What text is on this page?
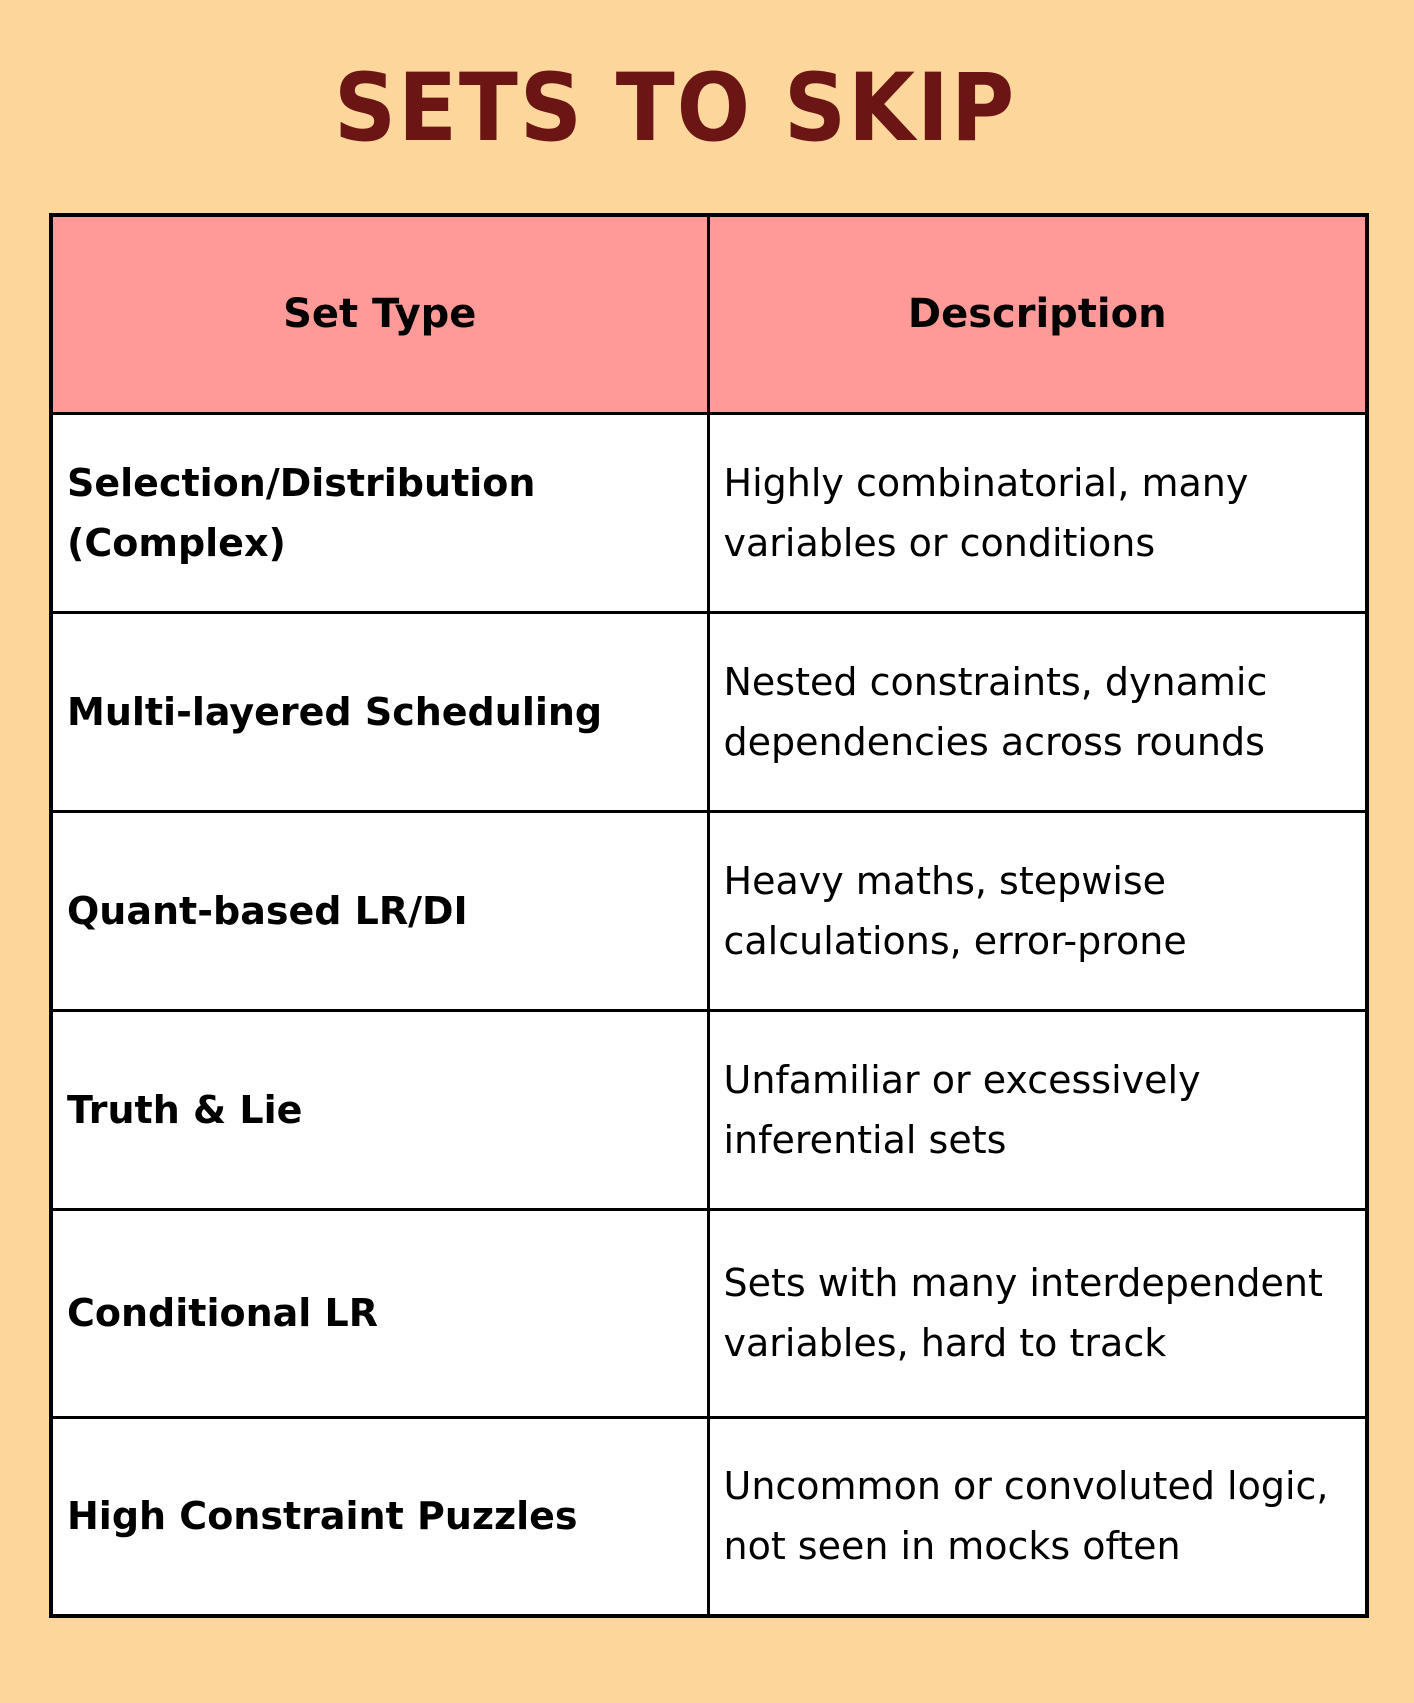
SETS TO SKIP
Set Type	Description
Selection/Distribution (Complex)	Highly combinatorial, many variables or conditions
Multi-layered Scheduling	Nested constraints, dynamic dependencies across rounds
Quant-based LR/DI	Heavy maths, stepwise calculations, error-prone
Truth & Lie	Unfamiliar or excessively inferential sets
Conditional LR	Sets with many interdependent variables, hard to track
High Constraint Puzzles	Uncommon or convoluted logic, not seen in mocks often
